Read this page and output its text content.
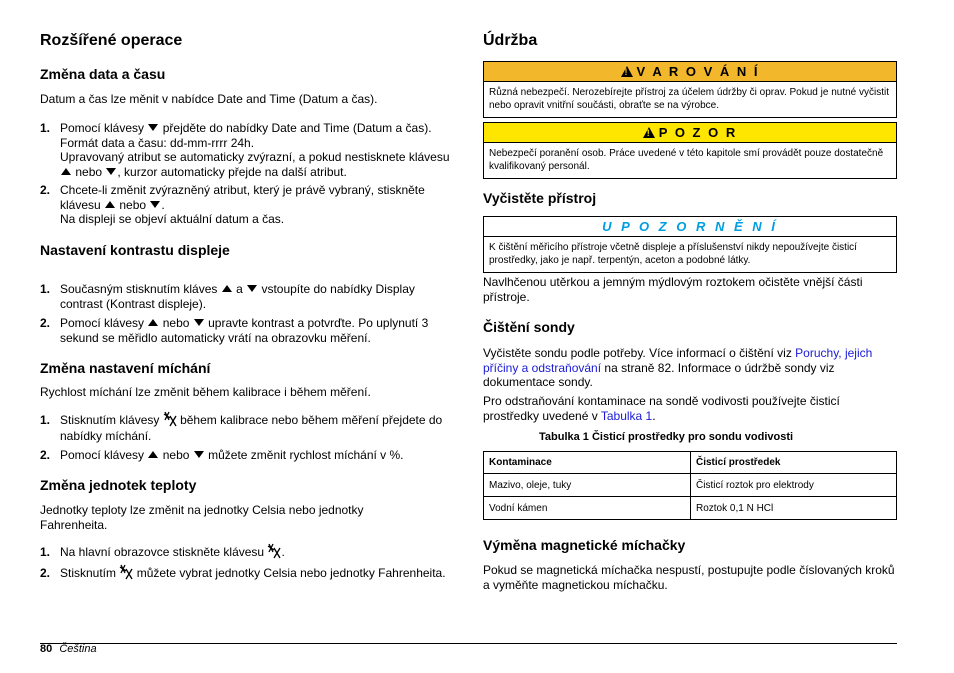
Rozšířené operace
Změna data a času

Datum a čas lze měnit v nabídce Date and Time (Datum a čas).

1. Pomocí klávesy přejděte do nabídky Date and Time (Datum a čas). Formát data a času: dd-mm-rrrr 24h.
Upravovaný atribut se automaticky zvýrazní, a pokud nestisknete klávesu  nebo , kurzor automaticky přejde na další atribut.
2. Chcete-li změnit zvýrazněný atribut, který je právě vybraný, stiskněte klávesu nebo .
Na displeji se objeví aktuální datum a čas.
Nastavení kontrastu displeje
1. Současným stisknutím kláves a vstoupíte do nabídky Display contrast (Kontrast displeje).
2. Pomocí klávesy nebo upravte kontrast a potvrďte. Po uplynutí 3 sekund se měřidlo automaticky vrátí na obrazovku měření.
Změna nastavení míchání

Rychlost míchání lze změnit během kalibrace i během měření.

1. Stisknutím klávesy během kalibrace nebo během měření přejdete do nabídky míchání.
2. Pomocí klávesy nebo můžete změnit rychlost míchání v %.
Změna jednotek teploty

Jednotky teploty lze změnit na jednotky Celsia nebo jednotky Fahrenheita.

1. Na hlavní obrazovce stiskněte klávesu .
2. Stisknutím můžete vybrat jednotky Celsia nebo jednotky Fahrenheita.
Údržba
!V A R O V Á N Í
Různá nebezpečí. Nerozebírejte přístroj za účelem údržby či oprav. Pokud je nutné vyčistit nebo opravit vnitřní součásti, obraťte se na výrobce.
!P O Z O R
Nebezpečí poranění osob. Práce uvedené v této kapitole smí provádět pouze dostatečně kvalifikovaný personál.
Vyčistěte přístroj
U P O Z O R N Ě N Í
K čištění měřicího přístroje včetně displeje a příslušenství nikdy nepoužívejte čisticí prostředky, jako je např. terpentýn, aceton a podobné látky.

Navlhčenou utěrkou a jemným mýdlovým roztokem očistěte vnější části přístroje.

Čištění sondy

Vyčistěte sondu podle potřeby. Více informací o čištění viz Poruchy, jejich příčiny a odstraňování na straně 82. Informace o údržbě sondy viz dokumentace sondy.

Pro odstraňování kontaminace na sondě vodivosti používejte čisticí prostředky uvedené v Tabulka 1.

Tabulka 1 Čisticí prostředky pro sondu vodivosti
Kontaminace	Čisticí prostředek
Mazivo, oleje, tuky	Čisticí roztok pro elektrody
Vodní kámen	Roztok 0,1 N HCl
Výměna magnetické míchačky

Pokud se magnetická míchačka nespustí, postupujte podle číslovaných kroků a vyměňte magnetickou míchačku.

80 Čeština
